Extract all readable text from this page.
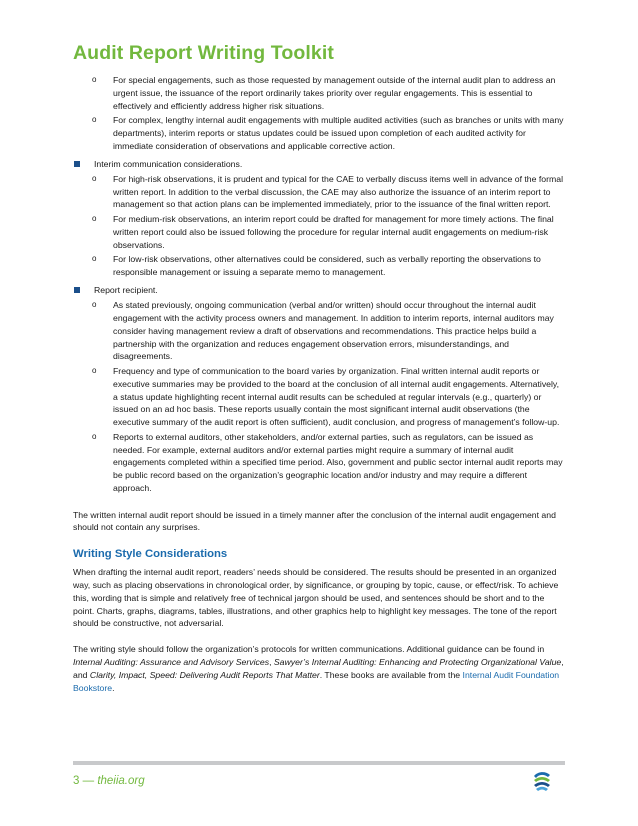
Audit Report Writing Toolkit
o For special engagements, such as those requested by management outside of the internal audit plan to address an urgent issue, the issuance of the report ordinarily takes priority over regular engagements. This is essential to effectively and efficiently address higher risk situations.
o For complex, lengthy internal audit engagements with multiple audited activities (such as branches or units with many departments), interim reports or status updates could be issued upon completion of each audited activity for immediate consideration of observations and applicable corrective action.
Interim communication considerations.
o For high-risk observations, it is prudent and typical for the CAE to verbally discuss items well in advance of the formal written report. In addition to the verbal discussion, the CAE may also authorize the issuance of an interim report to management so that action plans can be implemented immediately, prior to the issuance of the final written report.
o For medium-risk observations, an interim report could be drafted for management for more timely actions. The final written report could also be issued following the procedure for regular internal audit engagements on medium-risk observations.
o For low-risk observations, other alternatives could be considered, such as verbally reporting the observations to responsible management or issuing a separate memo to management.
Report recipient.
o As stated previously, ongoing communication (verbal and/or written) should occur throughout the internal audit engagement with the activity process owners and management. In addition to interim reports, internal auditors may consider having management review a draft of observations and recommendations. This practice helps build a partnership with the organization and reduces engagement observation errors, misunderstandings, and disagreements.
o Frequency and type of communication to the board varies by organization. Final written internal audit reports or executive summaries may be provided to the board at the conclusion of all internal audit engagements. Alternatively, a status update highlighting recent internal audit results can be scheduled at regular intervals (e.g., quarterly) or issued on an ad hoc basis. These reports usually contain the most significant internal audit observations (the executive summary of the audit report is often sufficient), audit conclusion, and progress of management’s follow-up.
o Reports to external auditors, other stakeholders, and/or external parties, such as regulators, can be issued as needed. For example, external auditors and/or external parties might require a summary of internal audit engagements completed within a specified time period. Also, government and public sector internal audit reports may be public record based on the organization’s geographic location and/or industry and may require a different approach.

The written internal audit report should be issued in a timely manner after the conclusion of the internal audit engagement and should not contain any surprises.

Writing Style Considerations

When drafting the internal audit report, readers’ needs should be considered. The results should be presented in an organized way, such as placing observations in chronological order, by significance, or grouping by topic, cause, or effect/risk. To achieve this, wording that is simple and relatively free of technical jargon should be used, and sentences should be short and to the point. Charts, graphs, diagrams, tables, illustrations, and other graphics help to highlight key messages. The tone of the report should be constructive, not adversarial.

The writing style should follow the organization’s protocols for written communications. Additional guidance can be found in Internal Auditing: Assurance and Advisory Services, Sawyer’s Internal Auditing: Enhancing and Protecting Organizational Value, and Clarity, Impact, Speed: Delivering Audit Reports That Matter. These books are available from the Internal Audit Foundation Bookstore.

3 — theiia.org
